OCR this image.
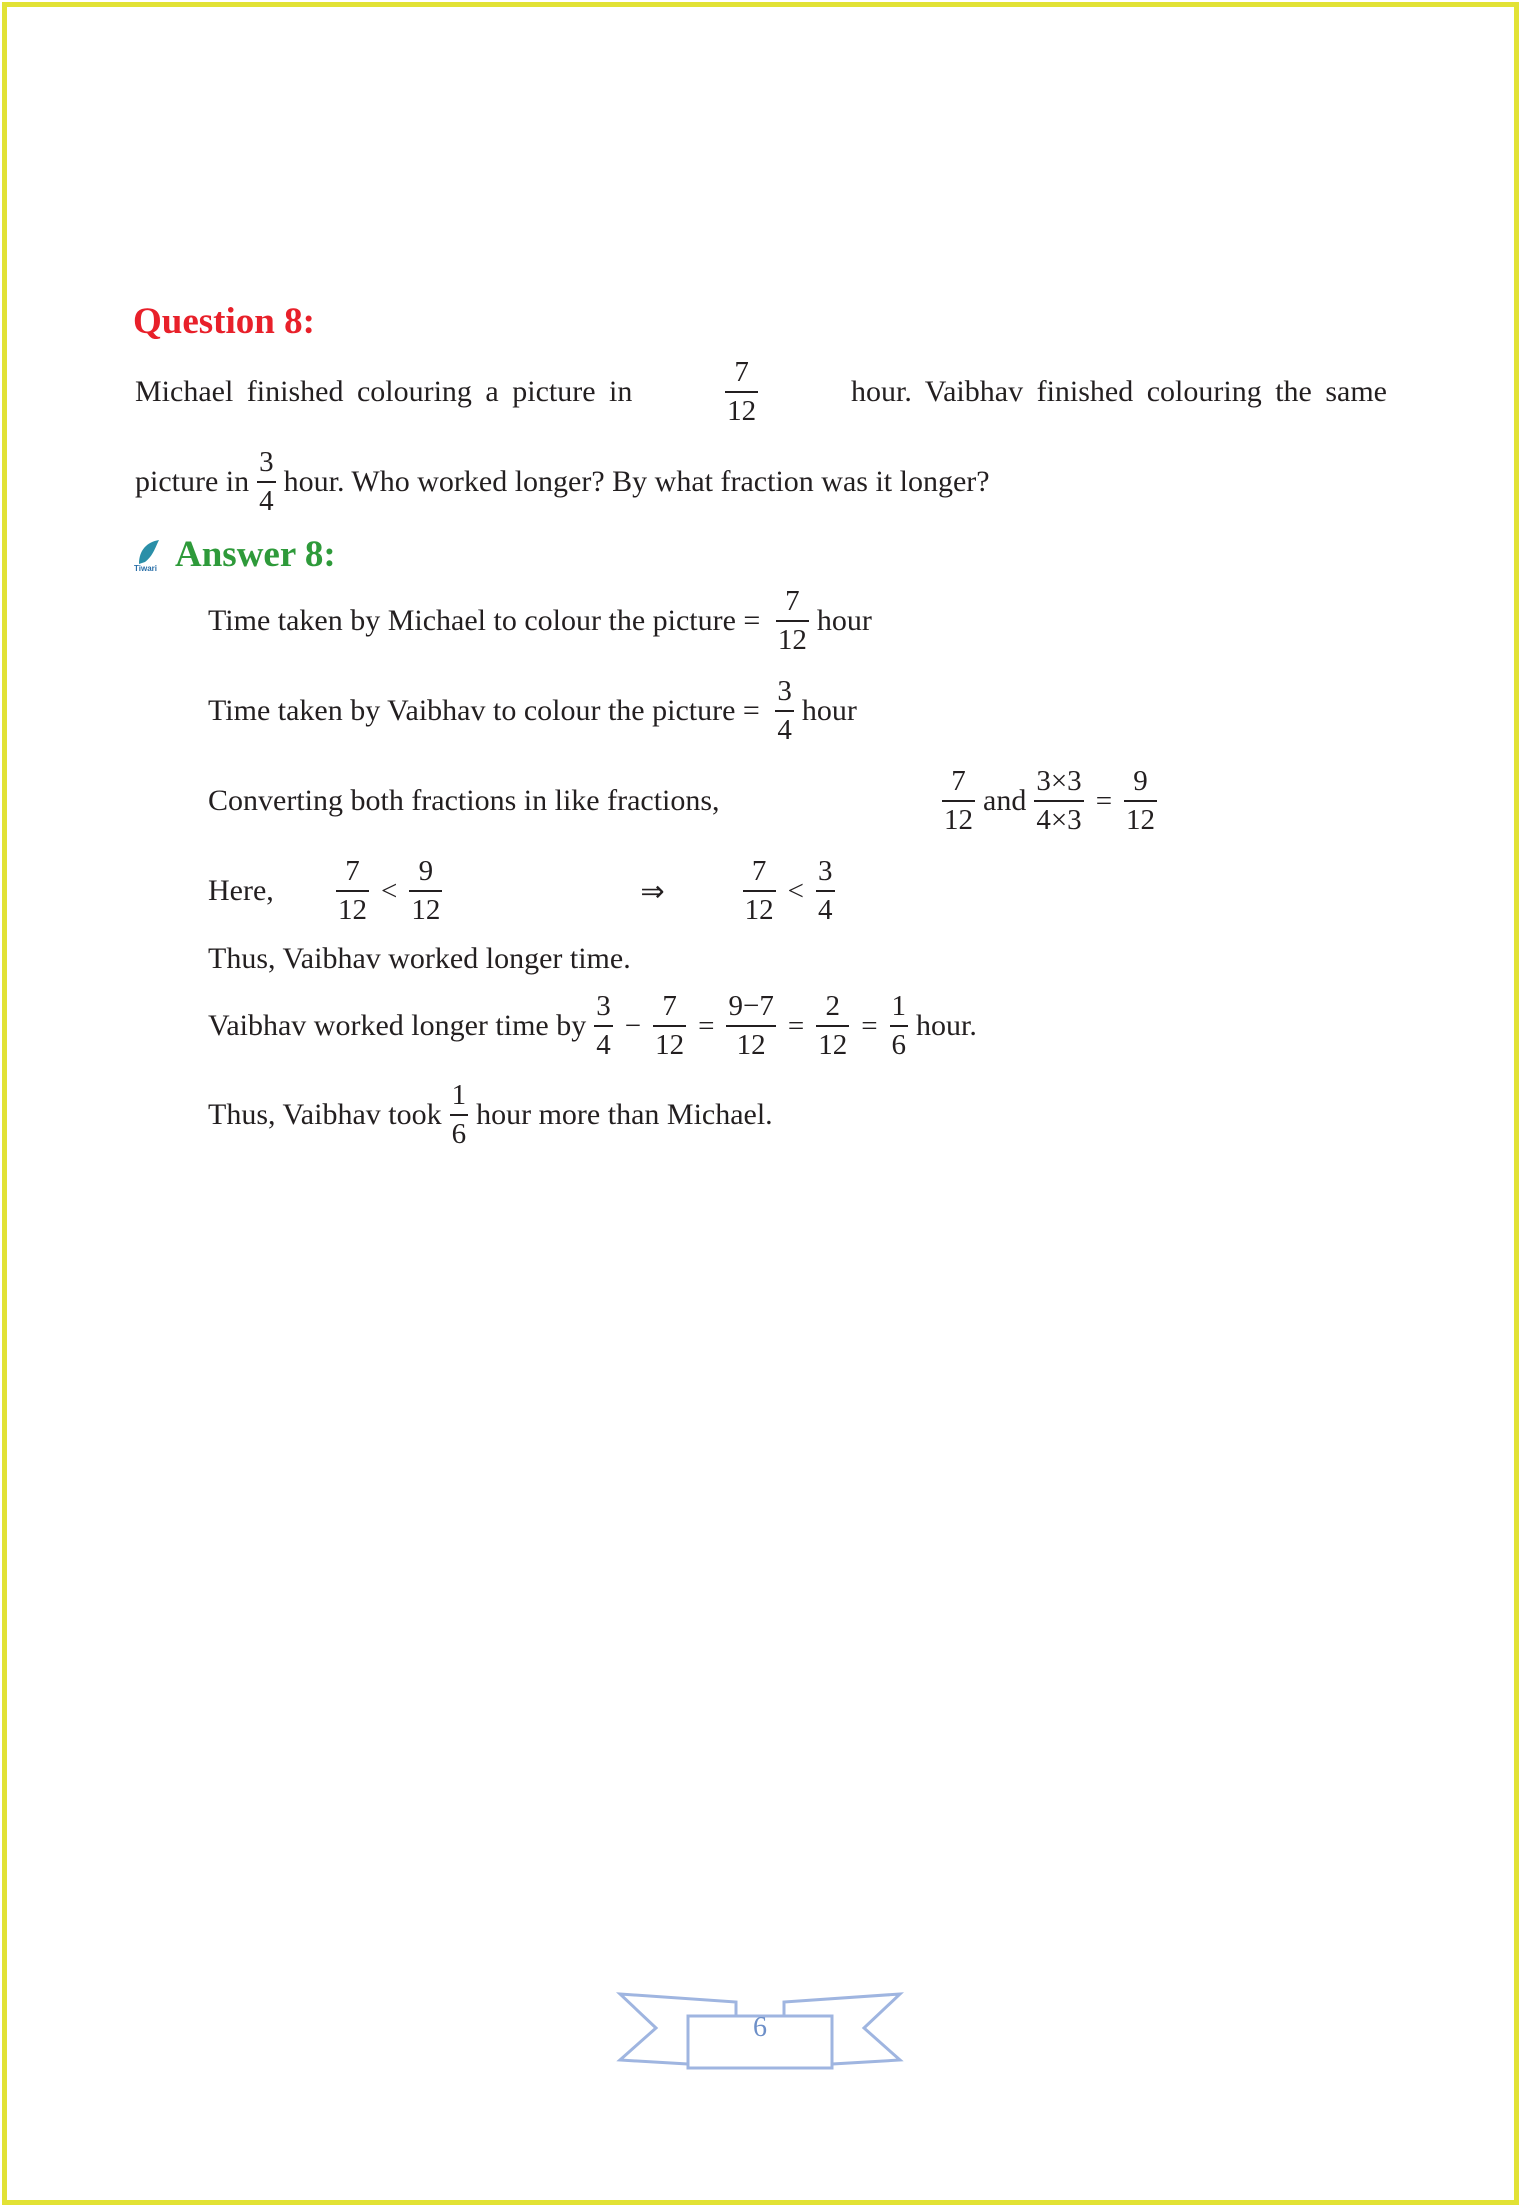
Question 8:
Michael finished colouring a picture in	$\frac{7}{12}$	hour. Vaibhav finished colouring the same
picture in $\frac{3}{4}$ hour. Who worked longer? By what fraction was it longer?
Tiwari Answer 8:
Time taken by Michael to colour the picture = $\frac{7}{12}$ hour
Time taken by Vaibhav to colour the picture = $\frac{3}{4}$ hour
Converting both fractions in like fractions,	$\frac{7}{12}$ and $\frac{3\times 3}{4\times 3} = \frac{9}{12}$
Here,	$\frac{7}{12} < \frac{9}{12}$	⇒	$\frac{7}{12} < \frac{3}{4}$
Thus, Vaibhav worked longer time.
Vaibhav worked longer time by $\frac{3}{4} - \frac{7}{12} = \frac{9-7}{12} = \frac{2}{12} = \frac{1}{6}$ hour.
Thus, Vaibhav took $\frac{1}{6}$ hour more than Michael.
6
